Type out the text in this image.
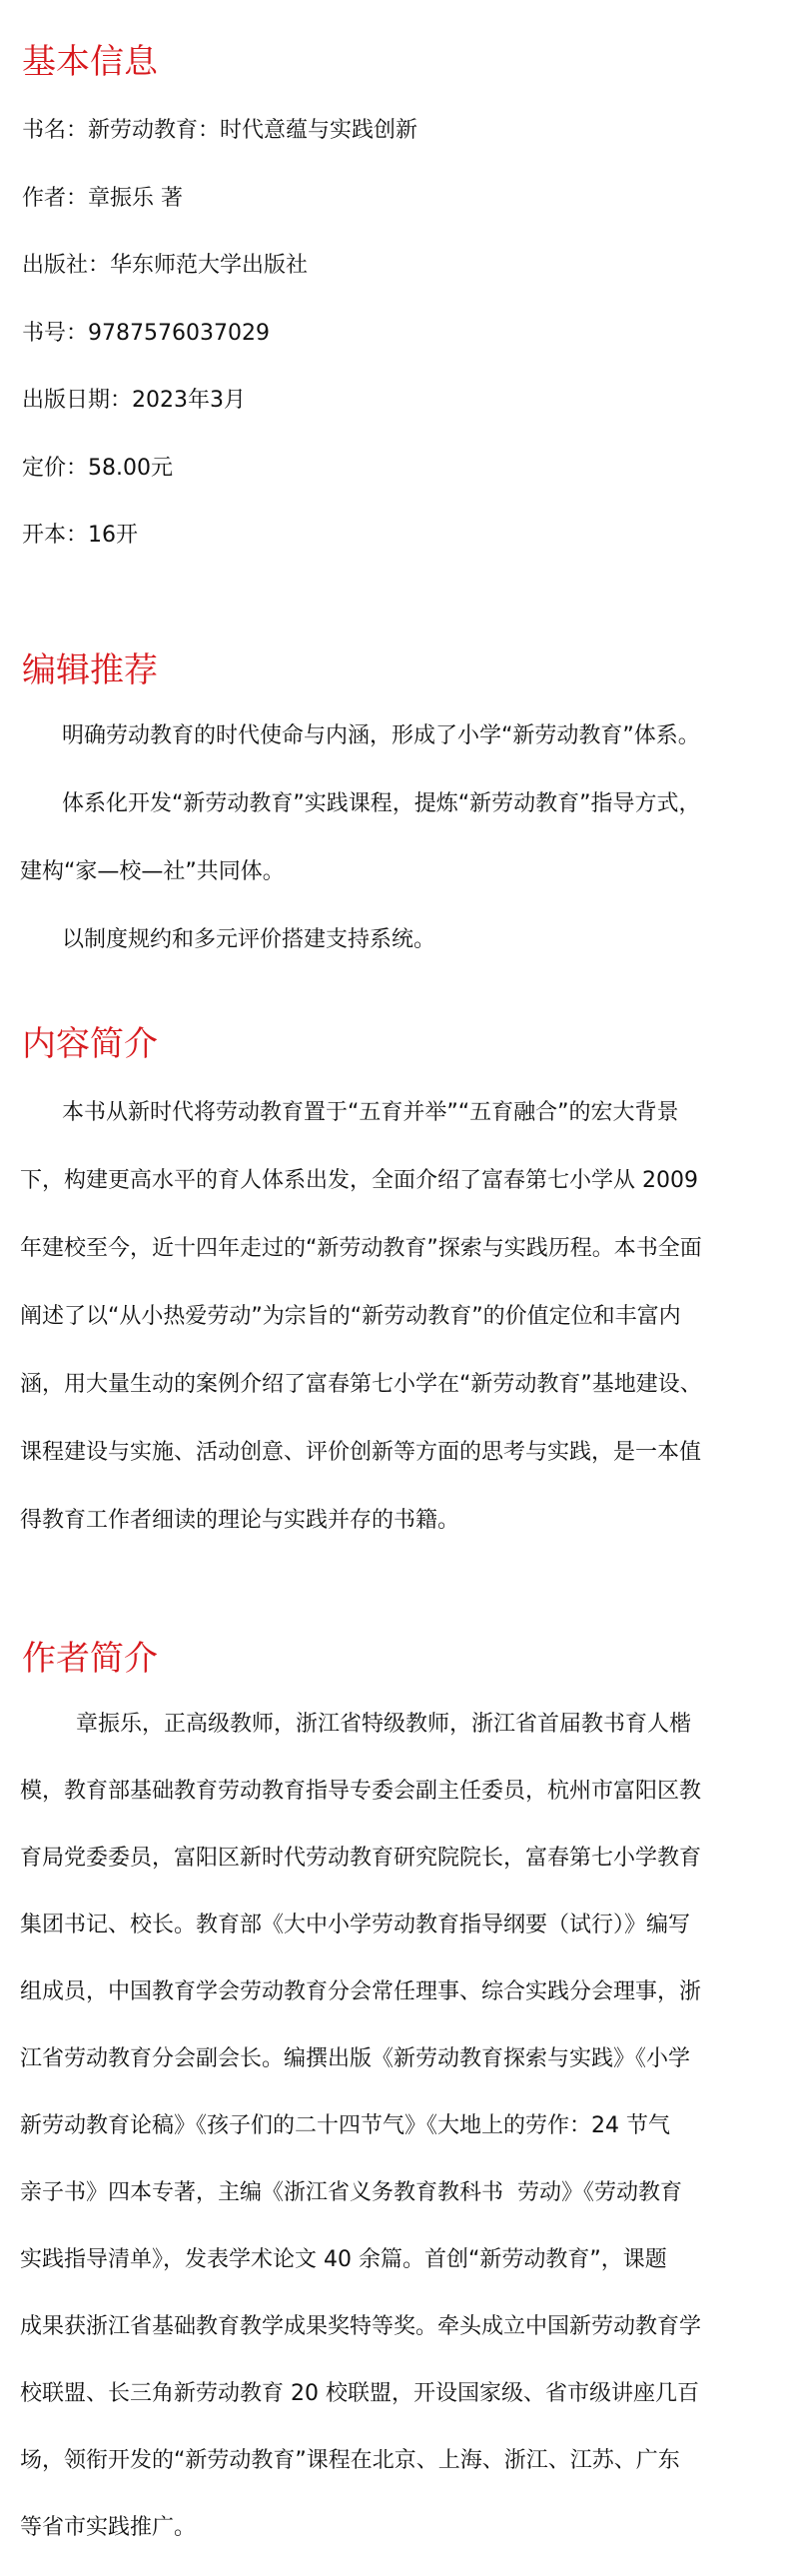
基本信息

书名：新劳动教育：时代意蕴与实践创新

作者：章振乐 著

出版社：华东师范大学出版社

书号：9787576037029

出版日期：2023年3月

定价：58.00元

开本：16开

编辑推荐
明确劳动教育的时代使命与内涵，形成了小学“新劳动教育”体系。
体系化开发“新劳动教育”实践课程，提炼“新劳动教育”指导方式，
建构“家—校—社”共同体。
以制度规约和多元评价搭建支持系统。
内容简介
本书从新时代将劳动教育置于“五育并举”“五育融合”的宏大背景
下，构建更高水平的育人体系出发，全面介绍了富春第七小学从 2009
年建校至今，近十四年走过的“新劳动教育”探索与实践历程。本书全面
阐述了以“从小热爱劳动”为宗旨的“新劳动教育”的价值定位和丰富内
涵，用大量生动的案例介绍了富春第七小学在“新劳动教育”基地建设、
课程建设与实施、活动创意、评价创新等方面的思考与实践，是一本值
得教育工作者细读的理论与实践并存的书籍。
作者简介
章振乐，正高级教师，浙江省特级教师，浙江省首届教书育人楷
模，教育部基础教育劳动教育指导专委会副主任委员，杭州市富阳区教
育局党委委员，富阳区新时代劳动教育研究院院长，富春第七小学教育
集团书记、校长。教育部《大中小学劳动教育指导纲要（试行）》编写
组成员，中国教育学会劳动教育分会常任理事、综合实践分会理事，浙
江省劳动教育分会副会长。编撰出版《新劳动教育探索与实践》《小学
新劳动教育论稿》《孩子们的二十四节气》《大地上的劳作：24 节气
亲子书》四本专著，主编《浙江省义务教育教科书  劳动》《劳动教育
实践指导清单》，发表学术论文 40 余篇。首创“新劳动教育”，课题
成果获浙江省基础教育教学成果奖特等奖。牵头成立中国新劳动教育学
校联盟、长三角新劳动教育 20 校联盟，开设国家级、省市级讲座几百
场，领衔开发的“新劳动教育”课程在北京、上海、浙江、江苏、广东
等省市实践推广。
